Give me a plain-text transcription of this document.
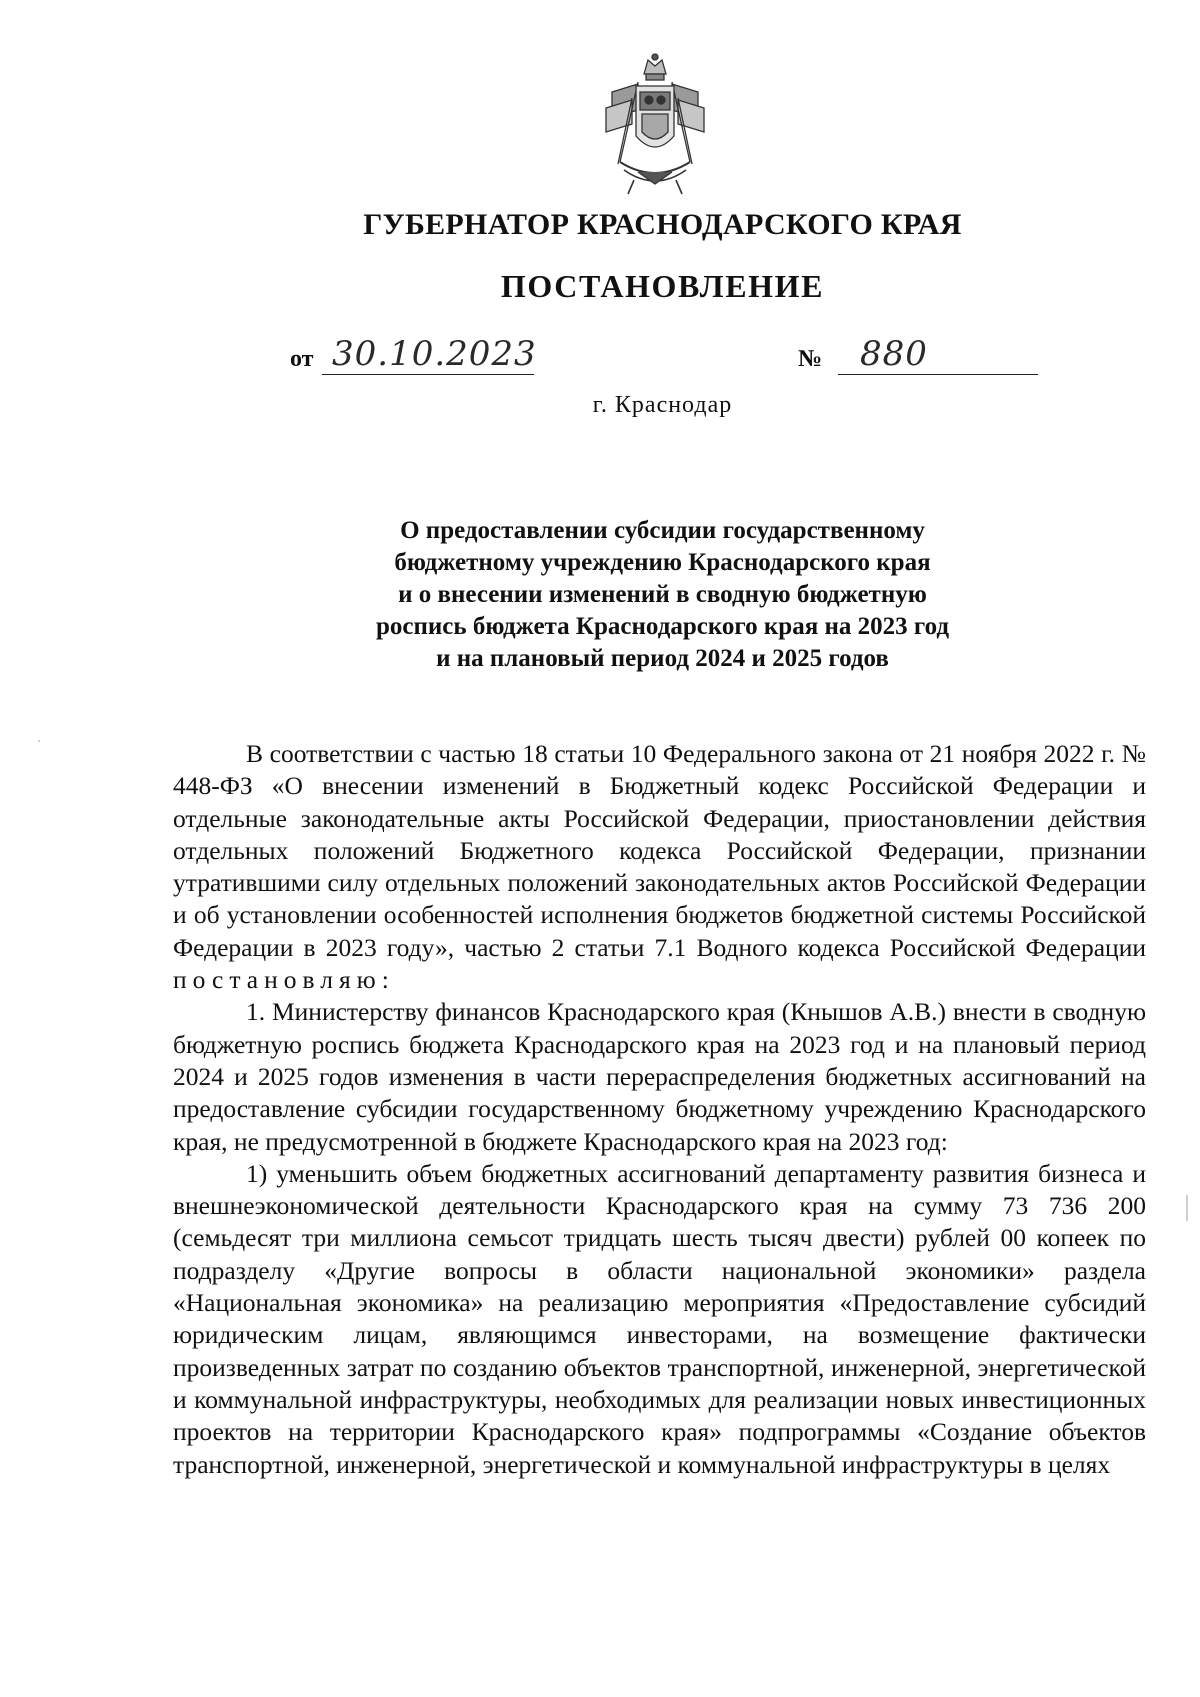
ГУБЕРНАТОР КРАСНОДАРСКОГО КРАЯ
ПОСТАНОВЛЕНИЕ
от 30.10.2023	№ 880
г. Краснодар
О предоставлении субсидии государственному
бюджетному учреждению Краснодарского края
и о внесении изменений в сводную бюджетную
роспись бюджета Краснодарского края на 2023 год
и на плановый период 2024 и 2025 годов

В соответствии с частью 18 статьи 10 Федерального закона от 21 ноября 2022 г. № 448-ФЗ «О внесении изменений в Бюджетный кодекс Российской Федерации и отдельные законодательные акты Российской Федерации, приостановлении действия отдельных положений Бюджетного кодекса Российской Федерации, признании утратившими силу отдельных положений законодательных актов Российской Федерации и об установлении особенностей исполнения бюджетов бюджетной системы Российской Федерации в 2023 году», частью 2 статьи 7.1 Водного кодекса Российской Федерации постановляю:

1. Министерству финансов Краснодарского края (Кнышов А.В.) внести в сводную бюджетную роспись бюджета Краснодарского края на 2023 год и на плановый период 2024 и 2025 годов изменения в части перераспределения бюджетных ассигнований на предоставление субсидии государственному бюджетному учреждению Краснодарского края, не предусмотренной в бюджете Краснодарского края на 2023 год:

1) уменьшить объем бюджетных ассигнований департаменту развития бизнеса и внешнеэкономической деятельности Краснодарского края на сумму 73 736 200 (семьдесят три миллиона семьсот тридцать шесть тысяч двести) рублей 00 копеек по подразделу «Другие вопросы в области национальной экономики» раздела «Национальная экономика» на реализацию мероприятия «Предоставление субсидий юридическим лицам, являющимся инвесторами, на возмещение фактически произведенных затрат по созданию объектов транспортной, инженерной, энергетической и коммунальной инфраструктуры, необходимых для реализации новых инвестиционных проектов на территории Краснодарского края» подпрограммы «Создание объектов транспортной, инженерной, энергетической и коммунальной инфраструктуры в целях
